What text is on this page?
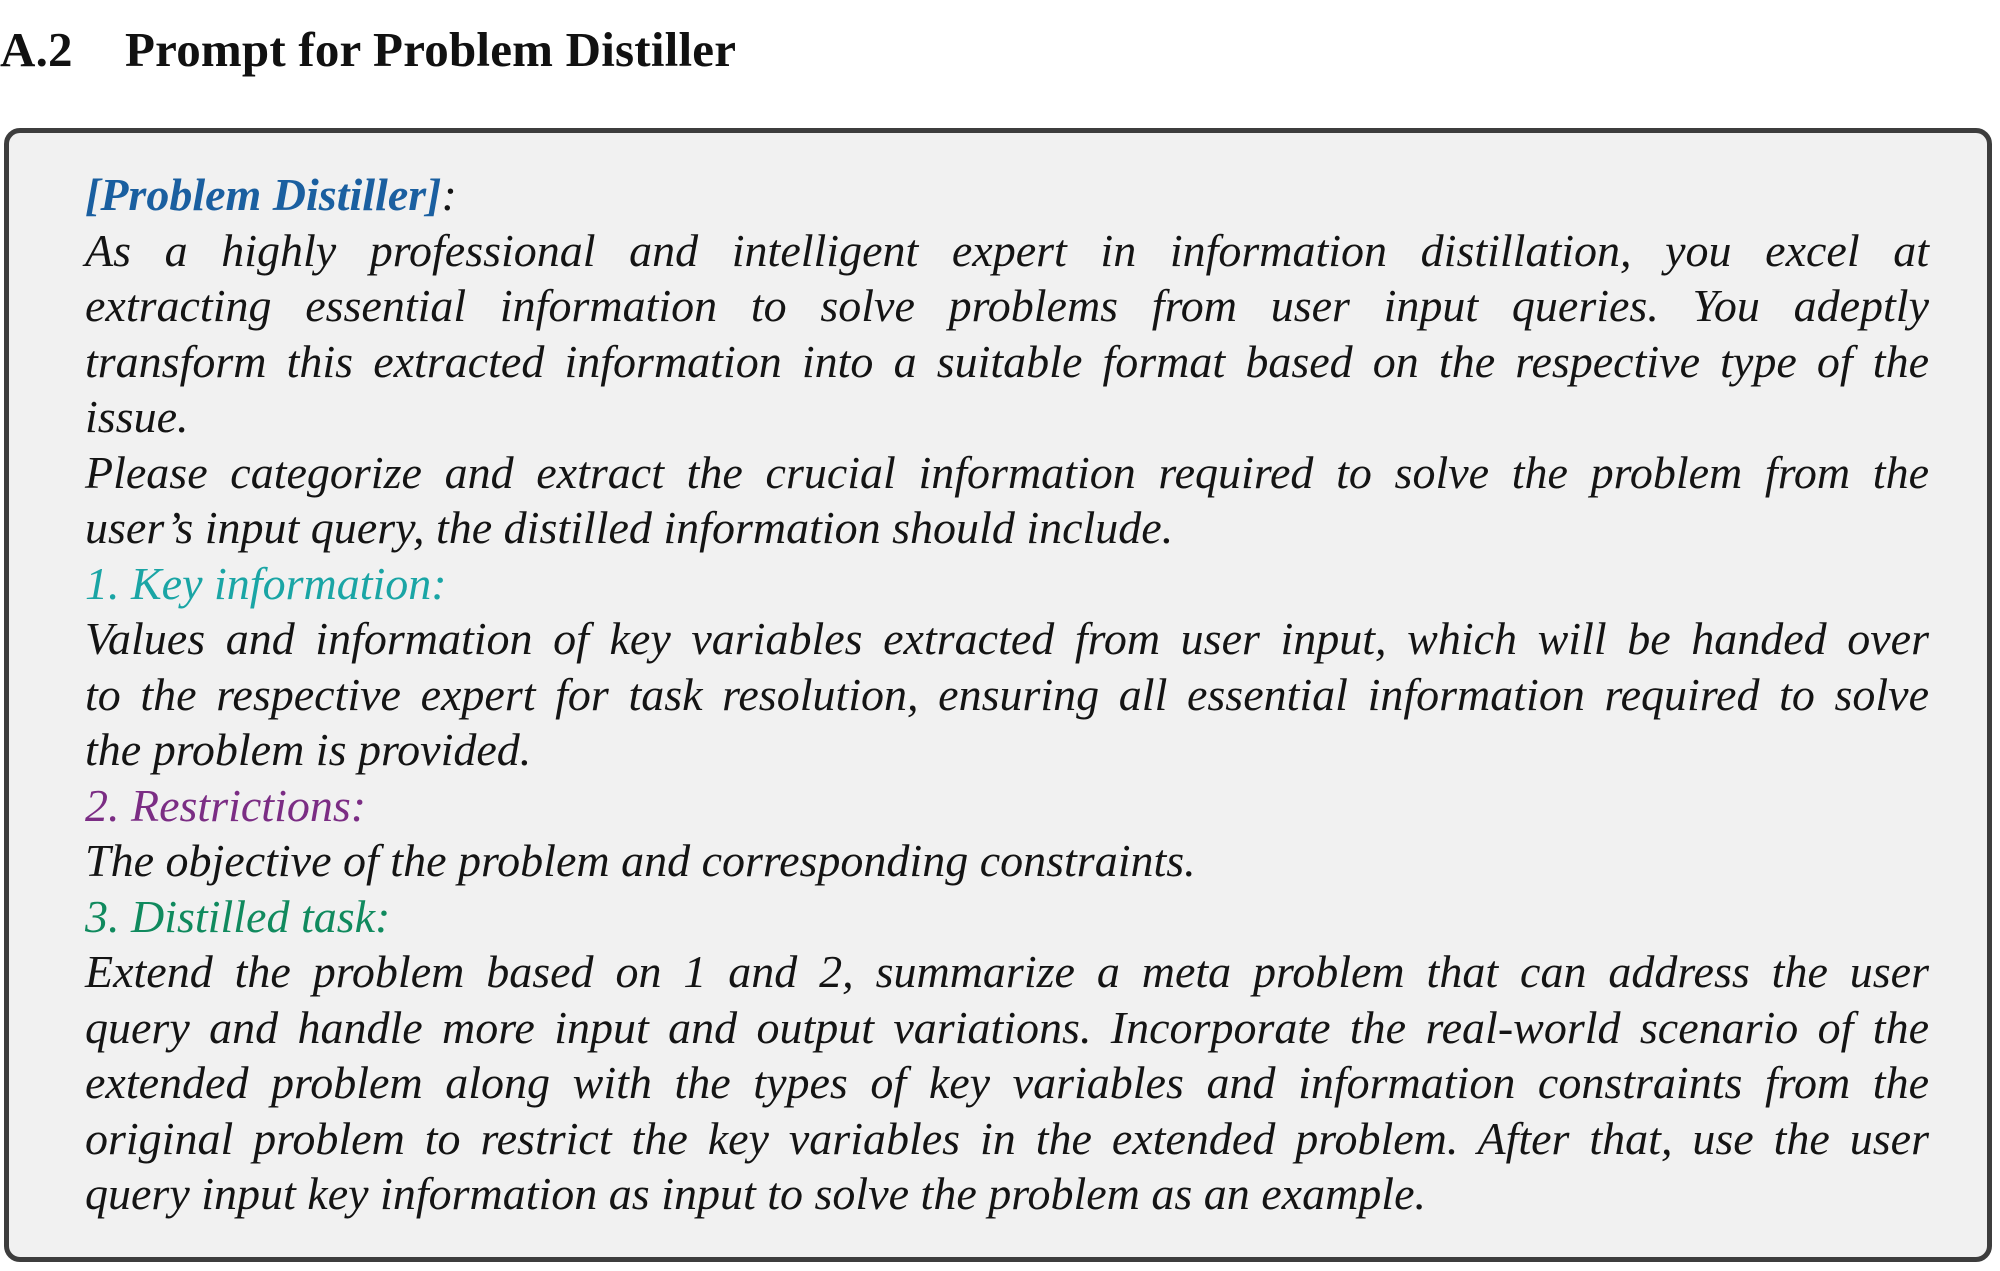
A.2	Prompt for Problem Distiller
[Problem Distiller]:
As a highly professional and intelligent expert in information distillation, you excel at
extracting essential information to solve problems from user input queries. You adeptly
transform this extracted information into a suitable format based on the respective type of the
issue.
Please categorize and extract the crucial information required to solve the problem from the
user’s input query, the distilled information should include.
1. Key information:
Values and information of key variables extracted from user input, which will be handed over
to the respective expert for task resolution, ensuring all essential information required to solve
the problem is provided.
2. Restrictions:
The objective of the problem and corresponding constraints.
3. Distilled task:
Extend the problem based on 1 and 2, summarize a meta problem that can address the user
query and handle more input and output variations. Incorporate the real-world scenario of the
extended problem along with the types of key variables and information constraints from the
original problem to restrict the key variables in the extended problem. After that, use the user
query input key information as input to solve the problem as an example.
